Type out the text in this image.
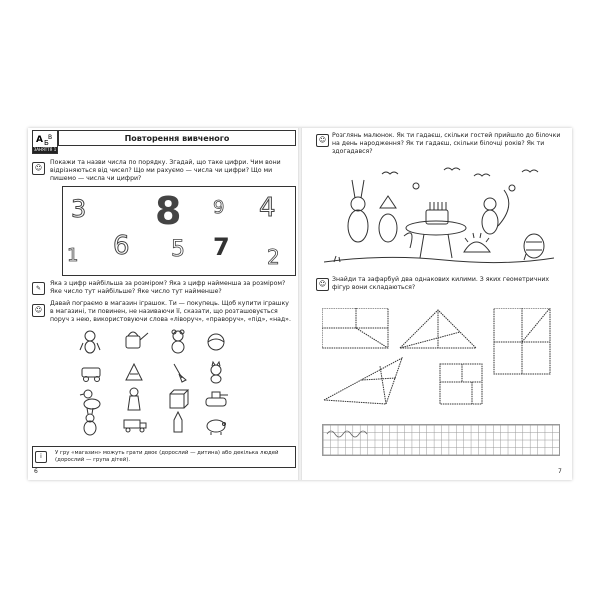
A Б
B
ЗАНЯТТЯ 1
Повторення вивченого
☺
Покажи та назви числа по порядку. Згадай, що таке цифри. Чим вони відрізняються від чисел? Що ми рахуємо — числа чи цифри? Що ми пишемо — числа чи цифри?
3 8 9 4
6 5 7
1	2
✎
Яка з цифр найбільша за розміром? Яка з цифр найменша за розміром? Яке число тут найбільше? Яке число тут найменше?
☺
Давай пограємо в магазин іграшок. Ти — покупець. Щоб купити іграшку в магазині, ти повинен, не називаючи її, сказати, що розташовується поруч з нею, використовуючи слова «ліворуч», «праворуч», «під», «над».
i	У гру «магазин» можуть грати двоє (дорослий — дитина) або декілька людей (дорослий — група дітей).
6
☺
Розглянь малюнок. Як ти гадаєш, скільки гостей прийшло до білочки на день народження? Як ти гадаєш, скільки білочці років? Як ти здогадався?
☺
Знайди та зафарбуй два однакових килими. З яких геометричних фігур вони складаються?
7
